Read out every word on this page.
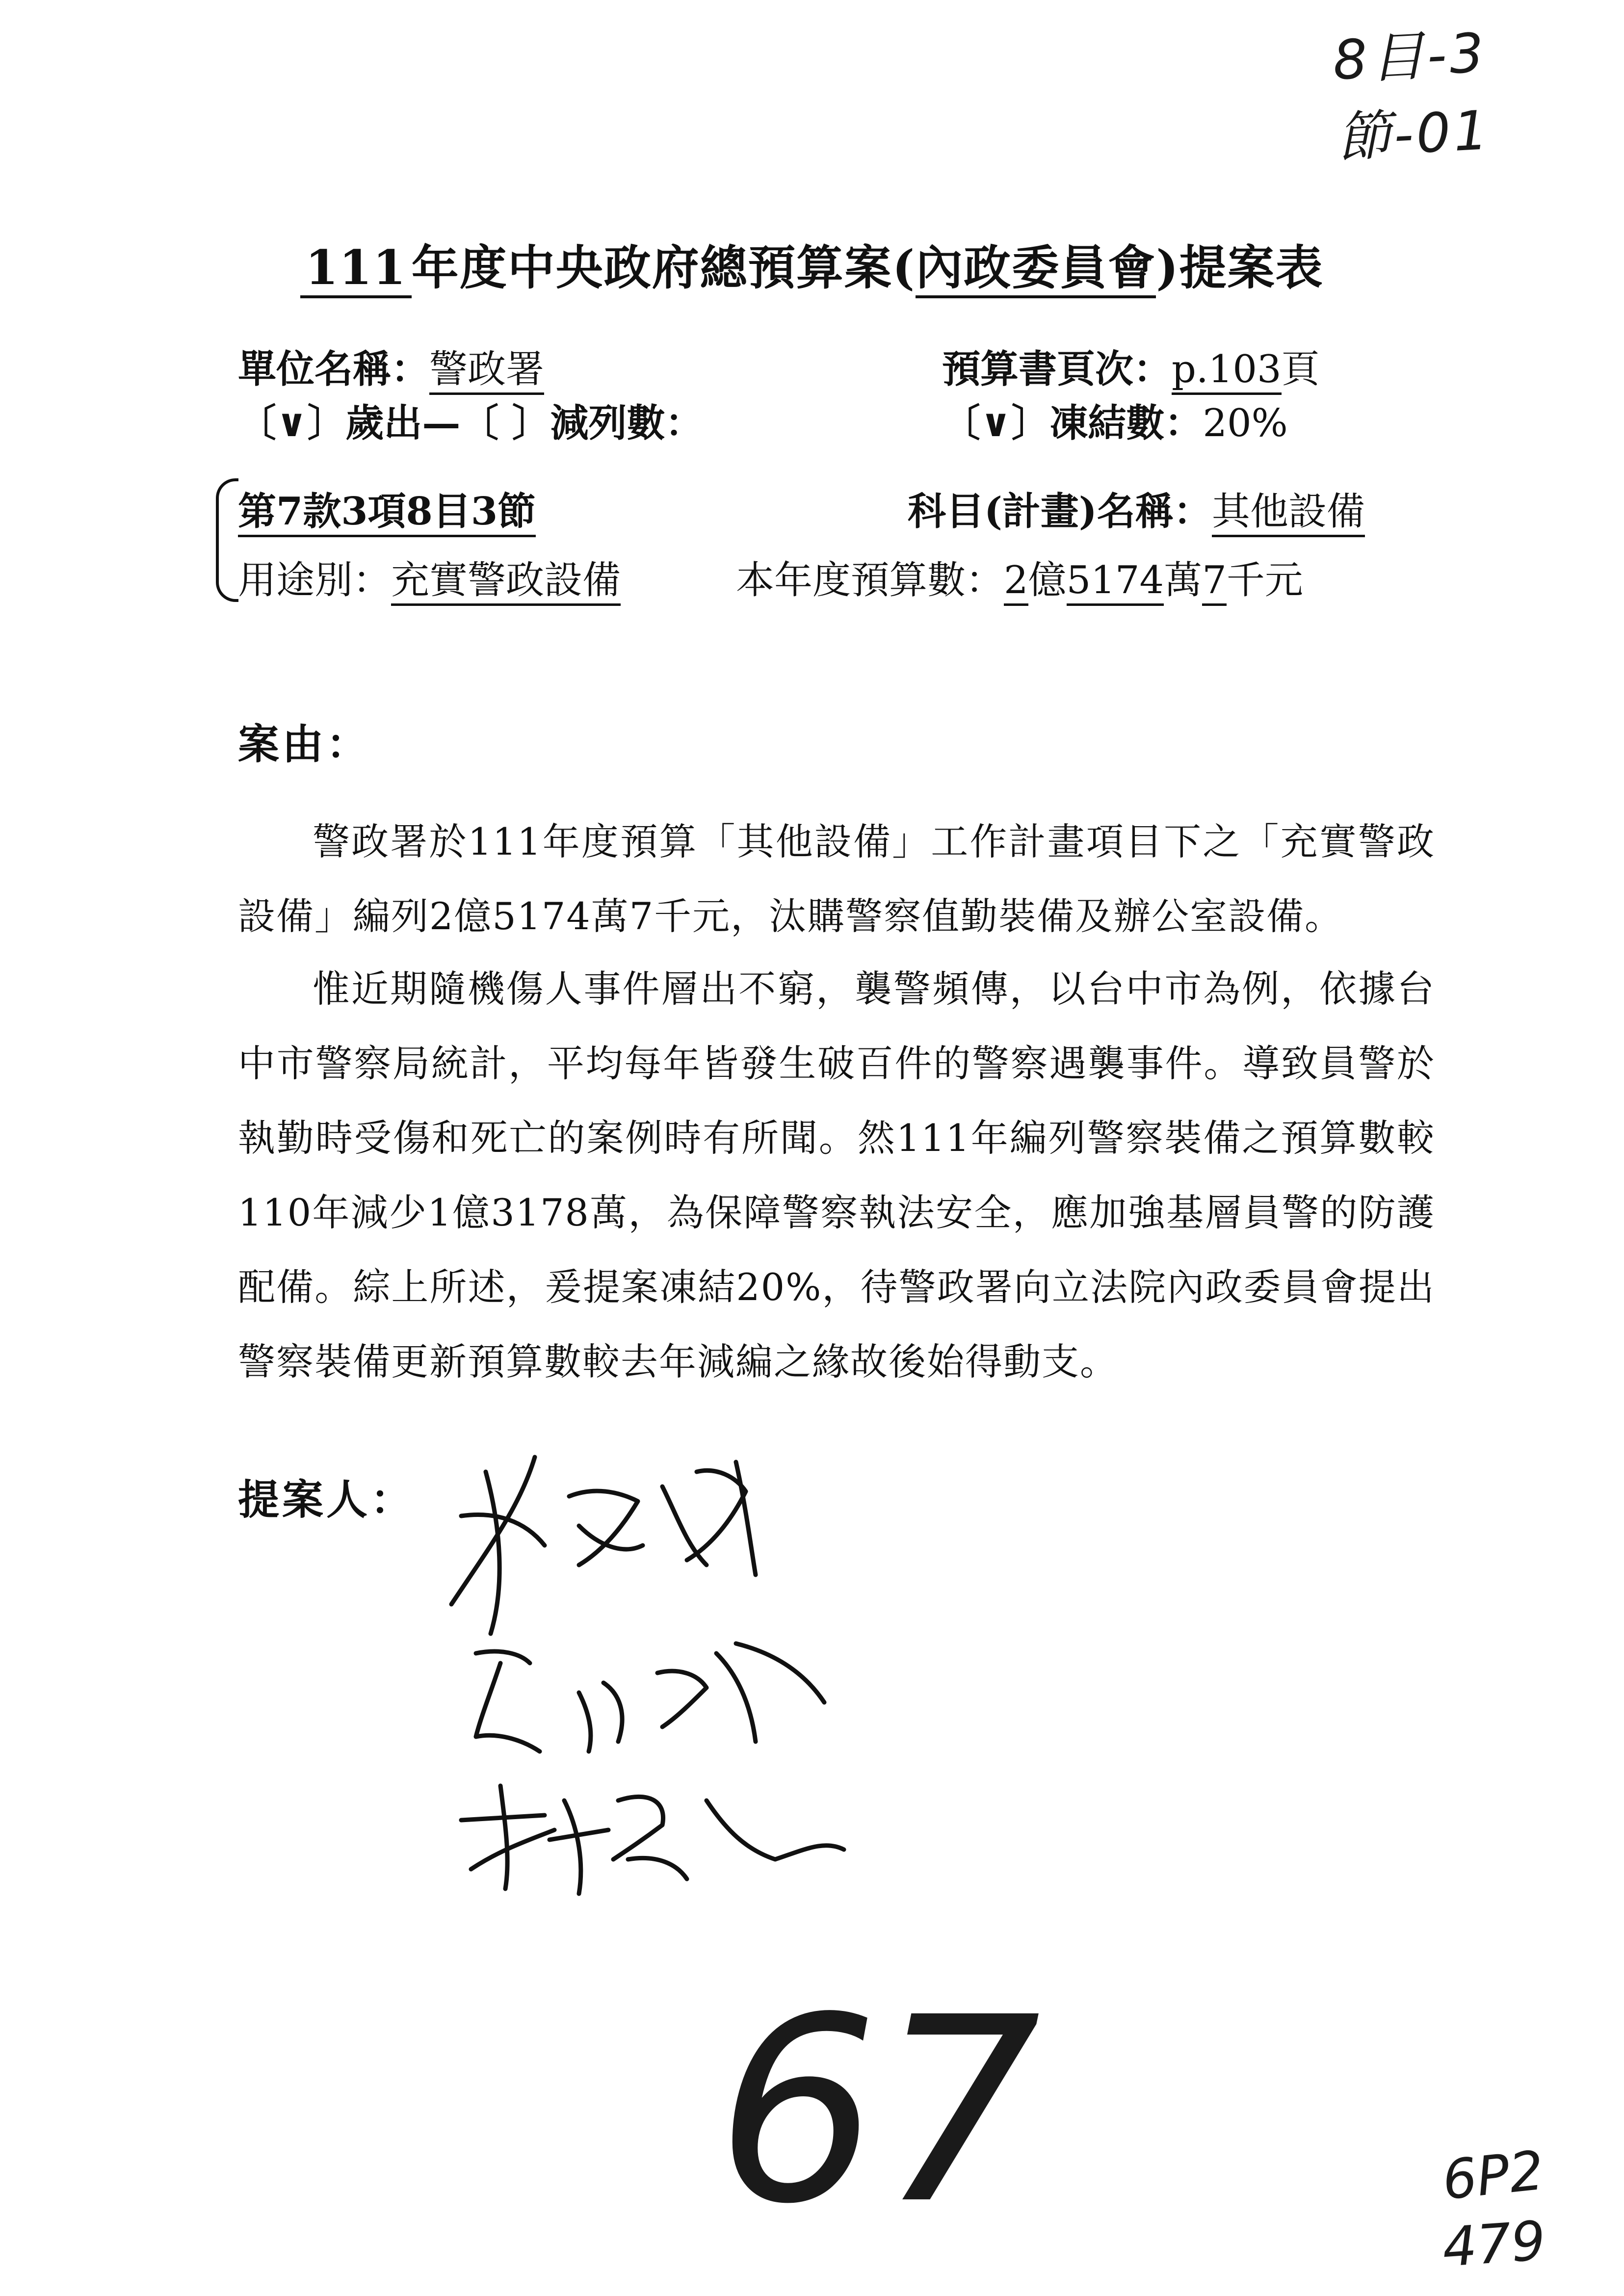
8目-3節-01
111 年度中央政府總預算案(內政委員會)提案表
單位名稱：警政署	預算書頁次：p.103頁
〔∨〕歲出—〔 〕減列數：	〔∨〕凍結數：20%
第7款3項8目3節	科目(計畫)名稱：其他設備
用途別：充實警政設備	本年度預算數：2億5174萬7千元
案由：
警政署於111年度預算「其他設備」工作計畫項目下之「充實警政設備」編列2億5174萬7千元，汰購警察值勤裝備及辦公室設備。
惟近期隨機傷人事件層出不窮，襲警頻傳，以台中市為例，依據台中市警察局統計，平均每年皆發生破百件的警察遇襲事件。導致員警於執勤時受傷和死亡的案例時有所聞。然111年編列警察裝備之預算數較110年減少1億3178萬，為保障警察執法安全，應加強基層員警的防護配備。綜上所述，爰提案凍結20%，待警政署向立法院內政委員會提出警察裝備更新預算數較去年減編之緣故後始得動支。
提案人：
67	6P2
479
